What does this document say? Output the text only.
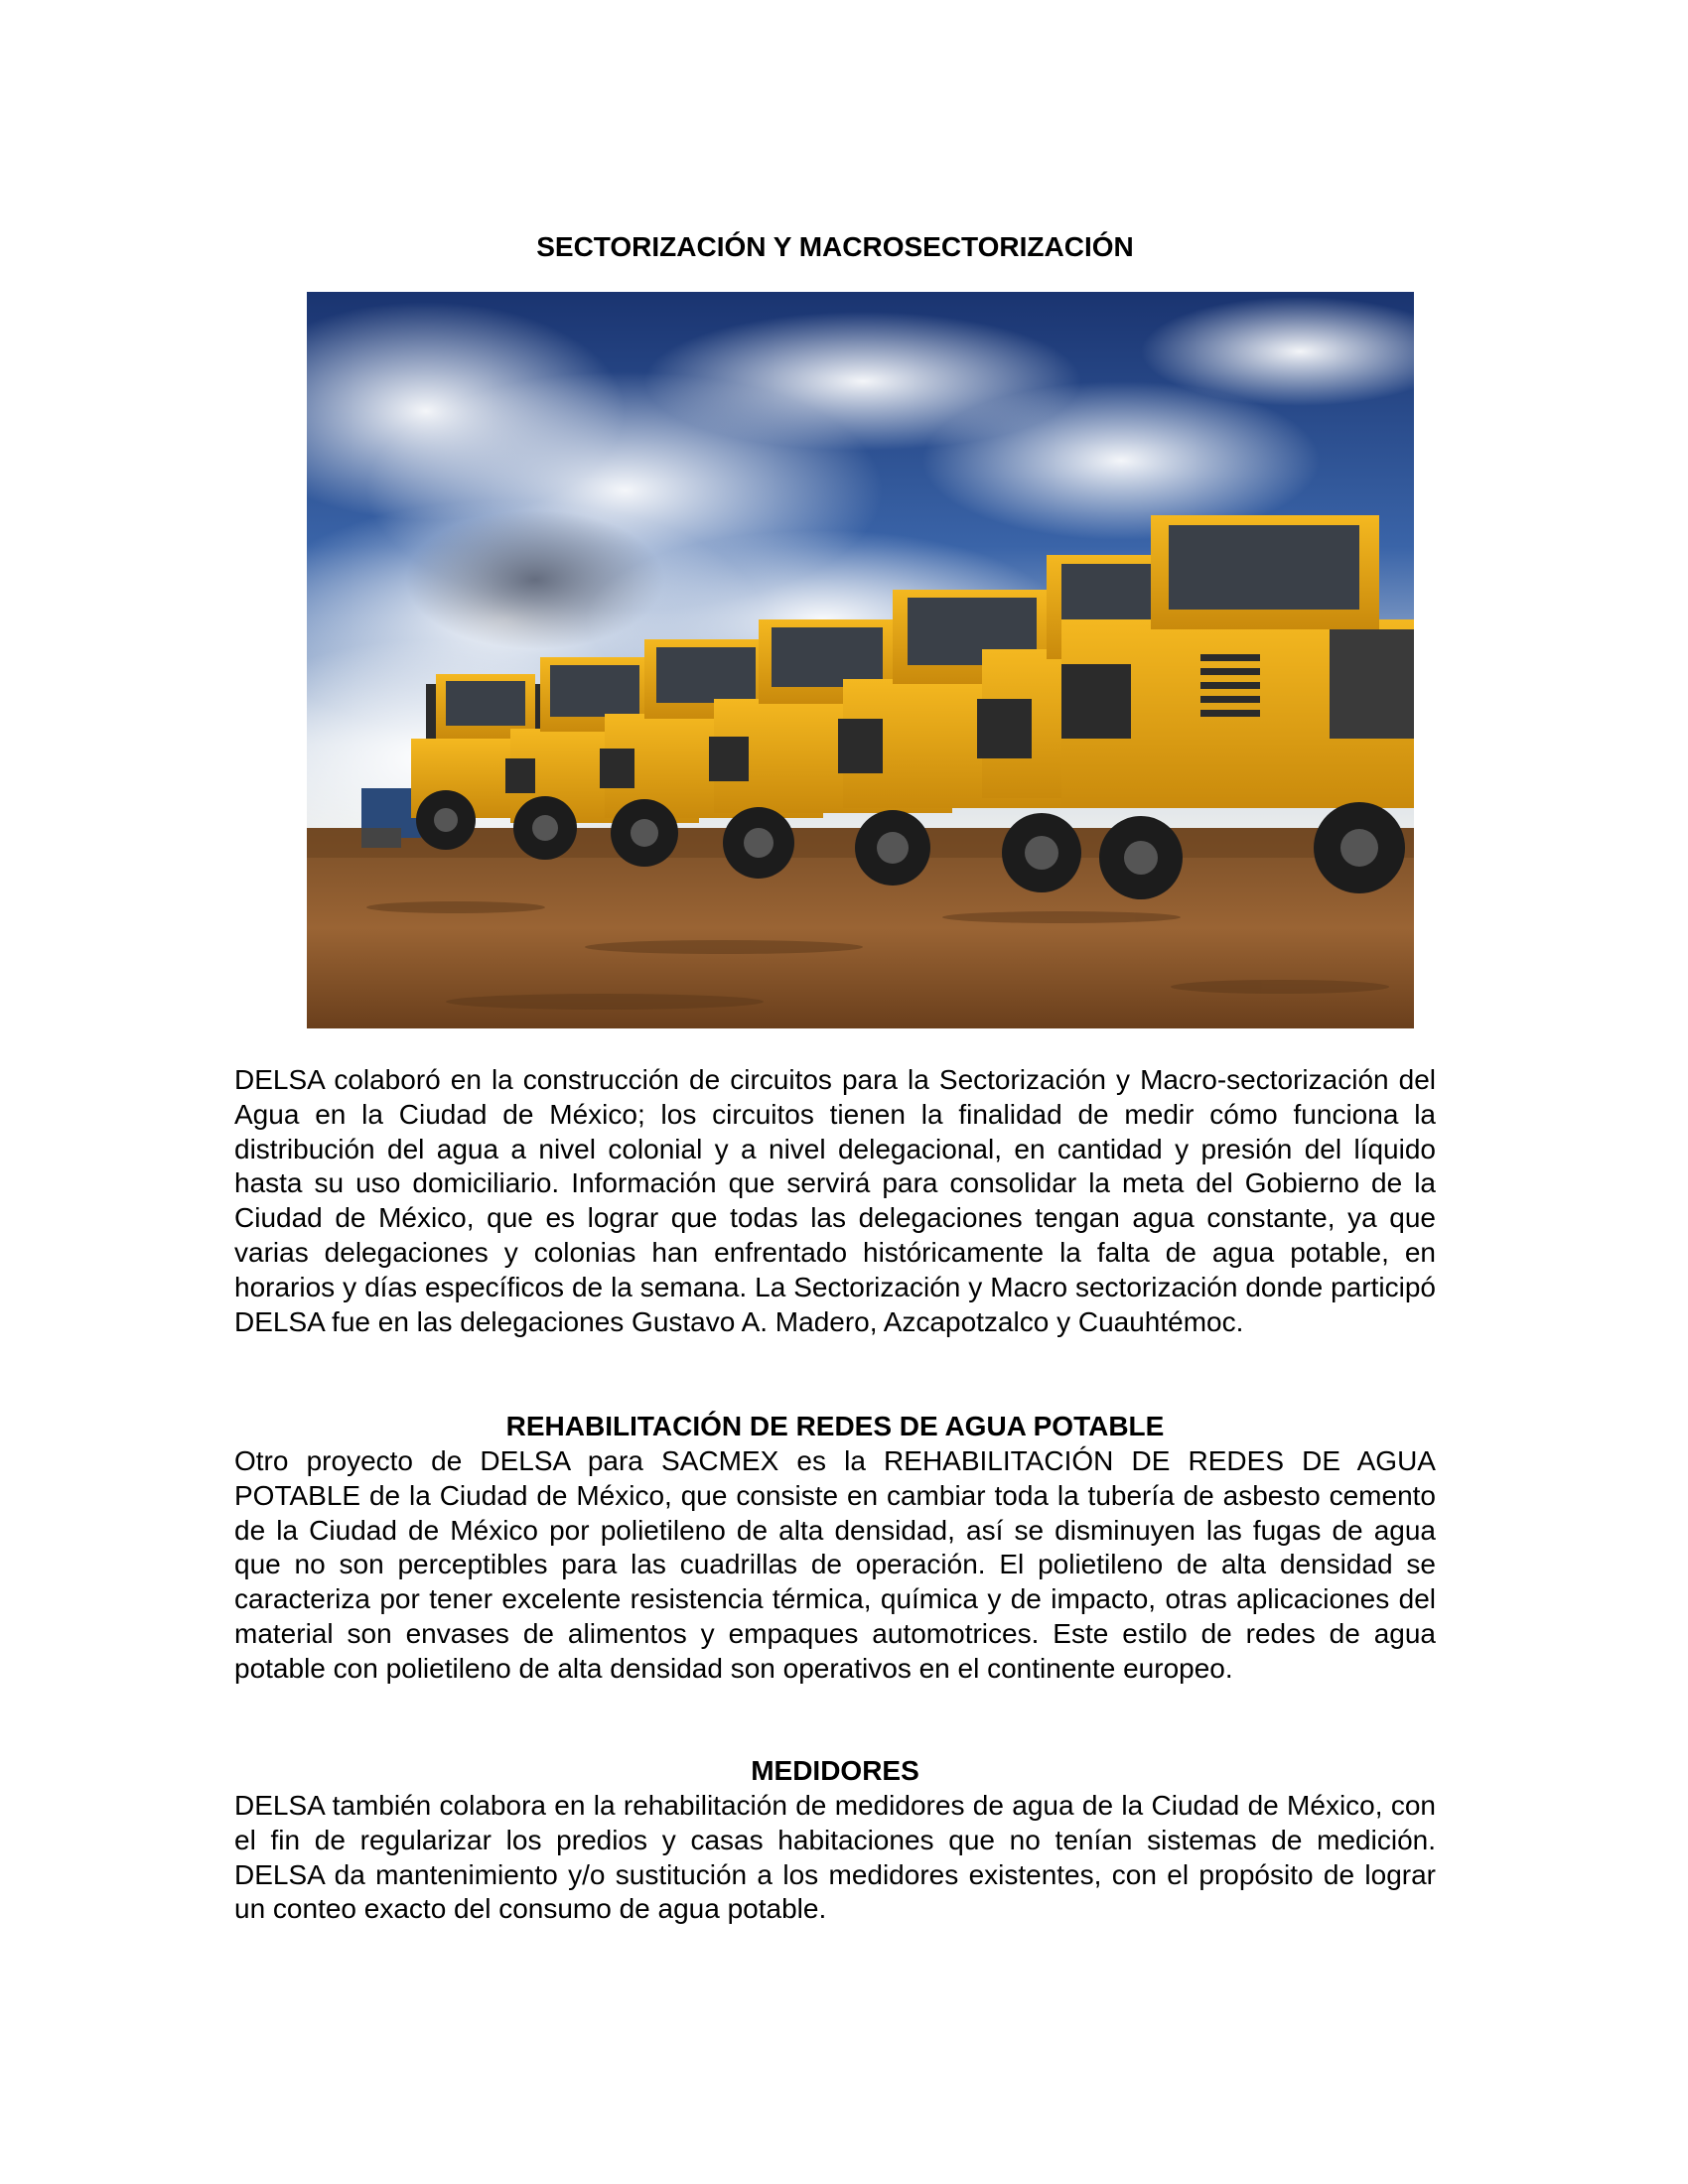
SECTORIZACIÓN Y MACROSECTORIZACIÓN

DELSA colaboró en la construcción de circuitos para la Sectorización y Macro-sectorización del Agua en la Ciudad de México; los circuitos tienen la finalidad de medir cómo funciona la distribución del agua a nivel colonial y a nivel delegacional, en cantidad y presión del líquido hasta su uso domiciliario. Información que servirá para consolidar la meta del Gobierno de la Ciudad de México, que es lograr que todas las delegaciones tengan agua constante, ya que varias delegaciones y colonias han enfrentado históricamente la falta de agua potable, en horarios y días específicos de la semana. La Sectorización y Macro sectorización donde participó DELSA fue en las delegaciones Gustavo A. Madero, Azcapotzalco y Cuauhtémoc.

REHABILITACIÓN DE REDES DE AGUA POTABLE

Otro proyecto de DELSA para SACMEX es la REHABILITACIÓN DE REDES DE AGUA POTABLE de la Ciudad de México, que consiste en cambiar toda la tubería de asbesto cemento de la Ciudad de México por polietileno de alta densidad, así se disminuyen las fugas de agua que no son perceptibles para las cuadrillas de operación. El polietileno de alta densidad se caracteriza por tener excelente resistencia térmica, química y de impacto, otras aplicaciones del material son envases de alimentos y empaques automotrices. Este estilo de redes de agua potable con polietileno de alta densidad son operativos en el continente europeo.

MEDIDORES

DELSA también colabora en la rehabilitación de medidores de agua de la Ciudad de México, con el fin de regularizar los predios y casas habitaciones que no tenían sistemas de medición. DELSA da mantenimiento y/o sustitución a los medidores existentes, con el propósito de lograr un conteo exacto del consumo de agua potable.
